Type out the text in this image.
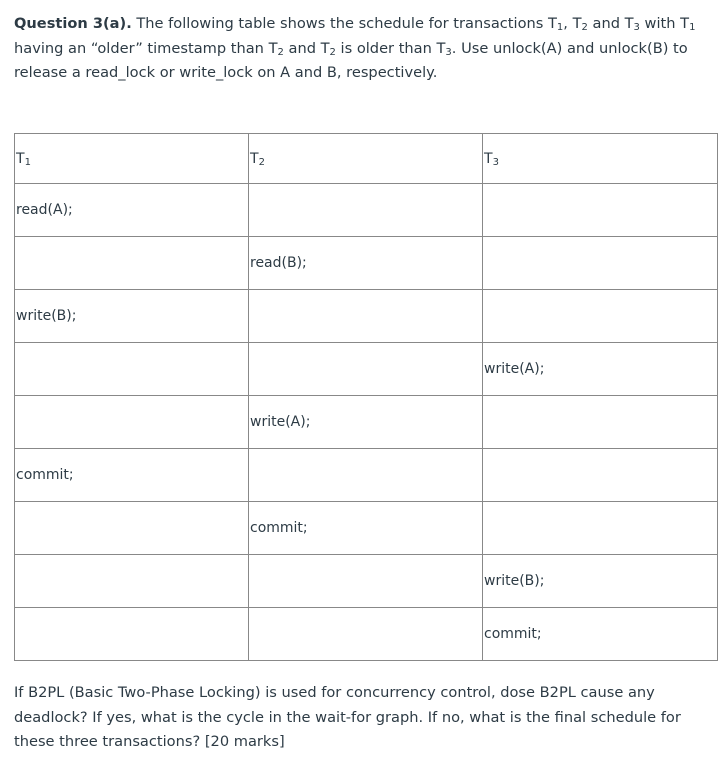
Question 3(a). The following table shows the schedule for transactions $T_1$, $T_2$ and $T_3$ with $T_1$ having an “older” timestamp than $T_2$ and $T_2$ is older than $T_3$. Use unlock(A) and unlock(B) to release a read_lock or write_lock on A and B, respectively.

$T_1$	$T_2$	$T_3$
read(A);		
	read(B);	
write(B);		
		write(A);
	write(A);	
commit;		
	commit;	
		write(B);
		commit;

If B2PL (Basic Two-Phase Locking) is used for concurrency control, dose B2PL cause any deadlock? If yes, what is the cycle in the wait-for graph. If no, what is the final schedule for these three transactions? [20 marks]
